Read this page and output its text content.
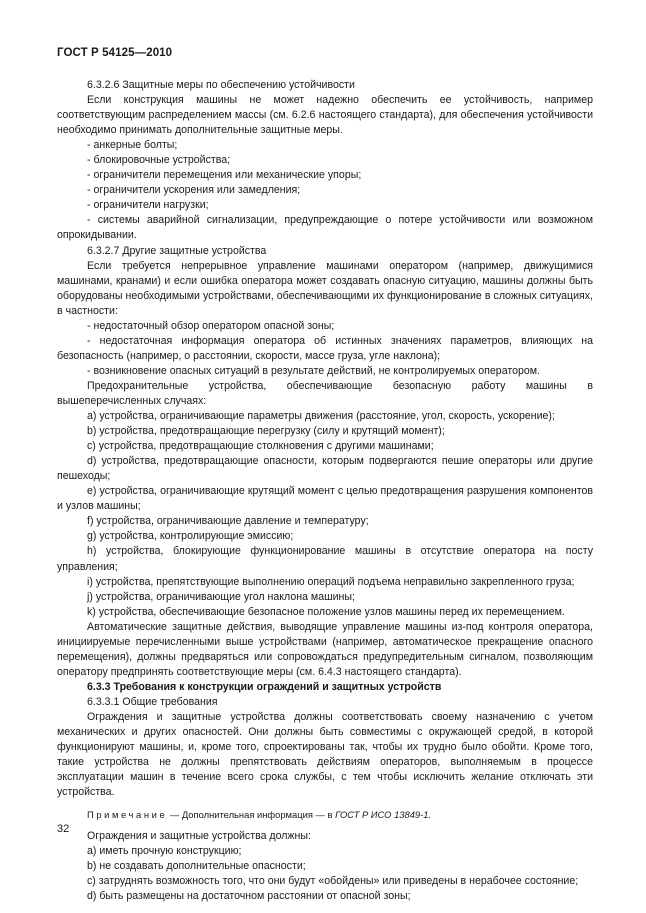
ГОСТ Р 54125—2010

6.3.2.6 Защитные меры по обеспечению устойчивости

Если конструкция машины не может надежно обеспечить ее устойчивость, например соответствующим распределением массы (см. 6.2.6 настоящего стандарта), для обеспечения устойчивости необходимо принимать дополнительные защитные меры.

- анкерные болты;

- блокировочные устройства;

- ограничители перемещения или механические упоры;

- ограничители ускорения или замедления;

- ограничители нагрузки;

- системы аварийной сигнализации, предупреждающие о потере устойчивости или возможном опрокидывании.

6.3.2.7 Другие защитные устройства

Если требуется непрерывное управление машинами оператором (например, движущимися машинами, кранами) и если ошибка оператора может создавать опасную ситуацию, машины должны быть оборудованы необходимыми устройствами, обеспечивающими их функционирование в сложных ситуациях, в частности:

- недостаточный обзор оператором опасной зоны;

- недостаточная информация оператора об истинных значениях параметров, влияющих на безопасность (например, о расстоянии, скорости, массе груза, угле наклона);

- возникновение опасных ситуаций в результате действий, не контролируемых оператором.

Предохранительные устройства, обеспечивающие безопасную работу машины в вышеперечисленных случаях:

а) устройства, ограничивающие параметры движения (расстояние, угол, скорость, ускорение);

b) устройства, предотвращающие перегрузку (силу и крутящий момент);

c) устройства, предотвращающие столкновения с другими машинами;

d) устройства, предотвращающие опасности, которым подвергаются пешие операторы или другие пешеходы;

e) устройства, ограничивающие крутящий момент с целью предотвращения разрушения компонентов и узлов машины;

f) устройства, ограничивающие давление и температуру;

g) устройства, контролирующие эмиссию;

h) устройства, блокирующие функционирование машины в отсутствие оператора на посту управления;

i) устройства, препятствующие выполнению операций подъема неправильно закрепленного груза;

j) устройства, ограничивающие угол наклона машины;

k) устройства, обеспечивающие безопасное положение узлов машины перед их перемещением.

Автоматические защитные действия, выводящие управление машины из-под контроля оператора, инициируемые перечисленными выше устройствами (например, автоматическое прекращение опасного перемещения), должны предваряться или сопровождаться предупредительным сигналом, позволяющим оператору предпринять соответствующие меры (см. 6.4.3 настоящего стандарта).

6.3.3 Требования к конструкции ограждений и защитных устройств

6.3.3.1 Общие требования

Ограждения и защитные устройства должны соответствовать своему назначению с учетом механических и других опасностей. Они должны быть совместимы с окружающей средой, в которой функционируют машины, и, кроме того, спроектированы так, чтобы их трудно было обойти. Кроме того, такие устройства не должны препятствовать действиям операторов, выполняемым в процессе эксплуатации машин в течение всего срока службы, с тем чтобы исключить желание отключать эти устройства.

Примечание — Дополнительная информация — в ГОСТ Р ИСО 13849-1.

Ограждения и защитные устройства должны:

а) иметь прочную конструкцию;

b) не создавать дополнительные опасности;

c) затруднять возможность того, что они будут «обойдены» или приведены в нерабочее состояние;

d) быть размещены на достаточном расстоянии от опасной зоны;

32
